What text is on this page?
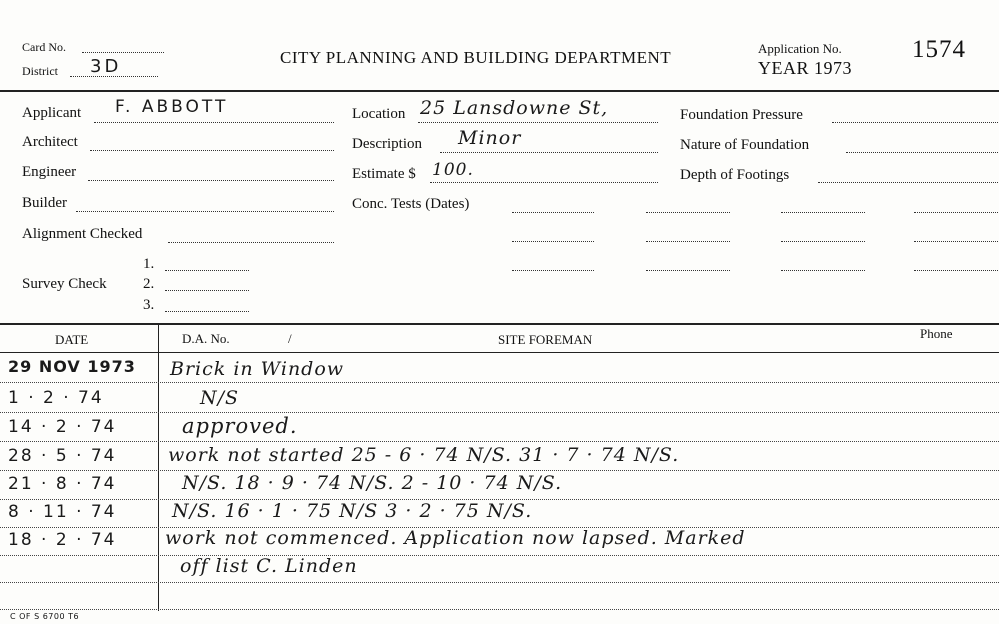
Card No.
District 3D	CITY PLANNING AND BUILDING DEPARTMENT	Application No.
YEAR 1973
1574
Applicant F. ABBOTT
Architect
Engineer
Builder
Alignment Checked
Survey Check
1.
2.
3.
Location 25 Lansdowne St,
Description Minor
Estimate $ 100.
Conc. Tests (Dates)
Foundation Pressure
Nature of Foundation
Depth of Footings
DATE	D.A. No.	/	SITE FOREMAN	Phone
29 NOV 1973	Brick in Window
1 · 2 · 74	N/S
14 · 2 · 74	approved.
28 · 5 · 74	work not started 25 - 6 · 74 N/S. 31 · 7 · 74 N/S.
21 · 8 · 74	N/S. 18 · 9 · 74 N/S. 2 - 10 · 74 N/S.
8 · 11 · 74	N/S. 16 · 1 · 75 N/S 3 · 2 · 75 N/S.
18 · 2 · 74	work not commenced. Application now lapsed. Marked
off list C. Linden
C OF S 6700 T6
